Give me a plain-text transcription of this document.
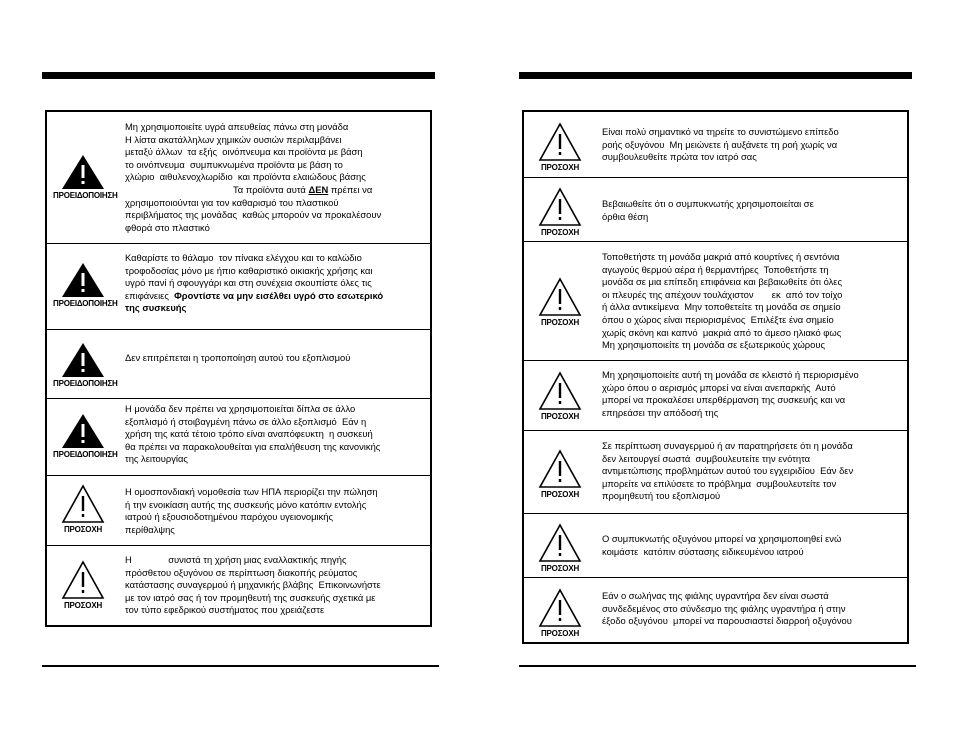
ΠΡΟΕΙΔΟΠΟΙΗΣΗ

Μη χρησιμοποιείτε υγρά απευθείας πάνω στη μονάδα

Η λίστα ακατάλληλων χημικών ουσιών περιλαμβάνει

μεταξύ άλλων  τα εξής  οινόπνευμα και προϊόντα με βάση

το οινόπνευμα  συμπυκνωμένα προϊόντα με βάση το

χλώριο  αιθυλενοχλωρίδιο  και προϊόντα ελαιώδους βάσης

Τα προϊόντα αυτά ΔΕΝ πρέπει να

χρησιμοποιούνται για τον καθαρισμό του πλαστικού

περιβλήματος της μονάδας  καθώς μπορούν να προκαλέσουν

φθορά στο πλαστικό

ΠΡΟΕΙΔΟΠΟΙΗΣΗ

Καθαρίστε το θάλαμο  τον πίνακα ελέγχου και το καλώδιο

τροφοδοσίας μόνο με ήπιο καθαριστικό οικιακής χρήσης και

υγρό πανί ή σφουγγάρι και στη συνέχεια σκουπίστε όλες τις

επιφάνειες  Φροντίστε να μην εισέλθει υγρό στο εσωτερικό

της συσκευής

ΠΡΟΕΙΔΟΠΟΙΗΣΗ

Δεν επιτρέπεται η τροποποίηση αυτού του εξοπλισμού

ΠΡΟΕΙΔΟΠΟΙΗΣΗ

Η μονάδα δεν πρέπει να χρησιμοποιείται δίπλα σε άλλο

εξοπλισμό ή στοιβαγμένη πάνω σε άλλο εξοπλισμό  Εάν η

χρήση της κατά τέτοιο τρόπο είναι αναπόφευκτη  η συσκευή

θα πρέπει να παρακολουθείται για επαλήθευση της κανονικής

της λειτουργίας

ΠΡΟΣΟΧΗ

Η ομοσπονδιακή νομοθεσία των ΗΠΑ περιορίζει την πώληση

ή την ενοικίαση αυτής της συσκευής μόνο κατόπιν εντολής

ιατρού ή εξουσιοδοτημένου παρόχου υγειονομικής

περίθαλψης

ΠΡΟΣΟΧΗ

Η              συνιστά τη χρήση μιας εναλλακτικής πηγής

πρόσθετου οξυγόνου σε περίπτωση διακοπής ρεύματος

κατάστασης συναγερμού ή μηχανικής βλάβης  Επικοινωνήστε

με τον ιατρό σας ή τον προμηθευτή της συσκευής σχετικά με

τον τύπο εφεδρικού συστήματος που χρειάζεστε

ΠΡΟΣΟΧΗ

Είναι πολύ σημαντικό να τηρείτε το συνιστώμενο επίπεδο

ροής οξυγόνου  Μη μειώνετε ή αυξάνετε τη ροή χωρίς να

συμβουλευθείτε πρώτα τον ιατρό σας

ΠΡΟΣΟΧΗ

Βεβαιωθείτε ότι ο συμπυκνωτής χρησιμοποιείται σε

όρθια θέση

ΠΡΟΣΟΧΗ

Τοποθετήστε τη μονάδα μακριά από κουρτίνες ή σεντόνια

αγωγούς θερμού αέρα ή θερμαντήρες  Τοποθετήστε τη

μονάδα σε μια επίπεδη επιφάνεια και βεβαιωθείτε ότι όλες

οι πλευρές της απέχουν τουλάχιστον       εκ  από τον τοίχο

ή άλλα αντικείμενα  Μην τοποθετείτε τη μονάδα σε σημείο

όπου ο χώρος είναι περιορισμένος  Επιλέξτε ένα σημείο

χωρίς σκόνη και καπνό  μακριά από το άμεσο ηλιακό φως

Μη χρησιμοποιείτε τη μονάδα σε εξωτερικούς χώρους

ΠΡΟΣΟΧΗ

Μη χρησιμοποιείτε αυτή τη μονάδα σε κλειστό ή περιορισμένο

χώρο όπου ο αερισμός μπορεί να είναι ανεπαρκής  Αυτό

μπορεί να προκαλέσει υπερθέρμανση της συσκευής και να

επηρεάσει την απόδοσή της

ΠΡΟΣΟΧΗ

Σε περίπτωση συναγερμού ή αν παρατηρήσετε ότι η μονάδα

δεν λειτουργεί σωστά  συμβουλευτείτε την ενότητα

αντιμετώπισης προβλημάτων αυτού του εγχειριδίου  Εάν δεν

μπορείτε να επιλύσετε το πρόβλημα  συμβουλευτείτε τον

προμηθευτή του εξοπλισμού

ΠΡΟΣΟΧΗ

Ο συμπυκνωτής οξυγόνου μπορεί να χρησιμοποιηθεί ενώ

κοιμάστε  κατόπιν σύστασης ειδικευμένου ιατρού

ΠΡΟΣΟΧΗ

Εάν ο σωλήνας της φιάλης υγραντήρα δεν είναι σωστά

συνδεδεμένος στο σύνδεσμο της φιάλης υγραντήρα ή στην

έξοδο οξυγόνου  μπορεί να παρουσιαστεί διαρροή οξυγόνου
